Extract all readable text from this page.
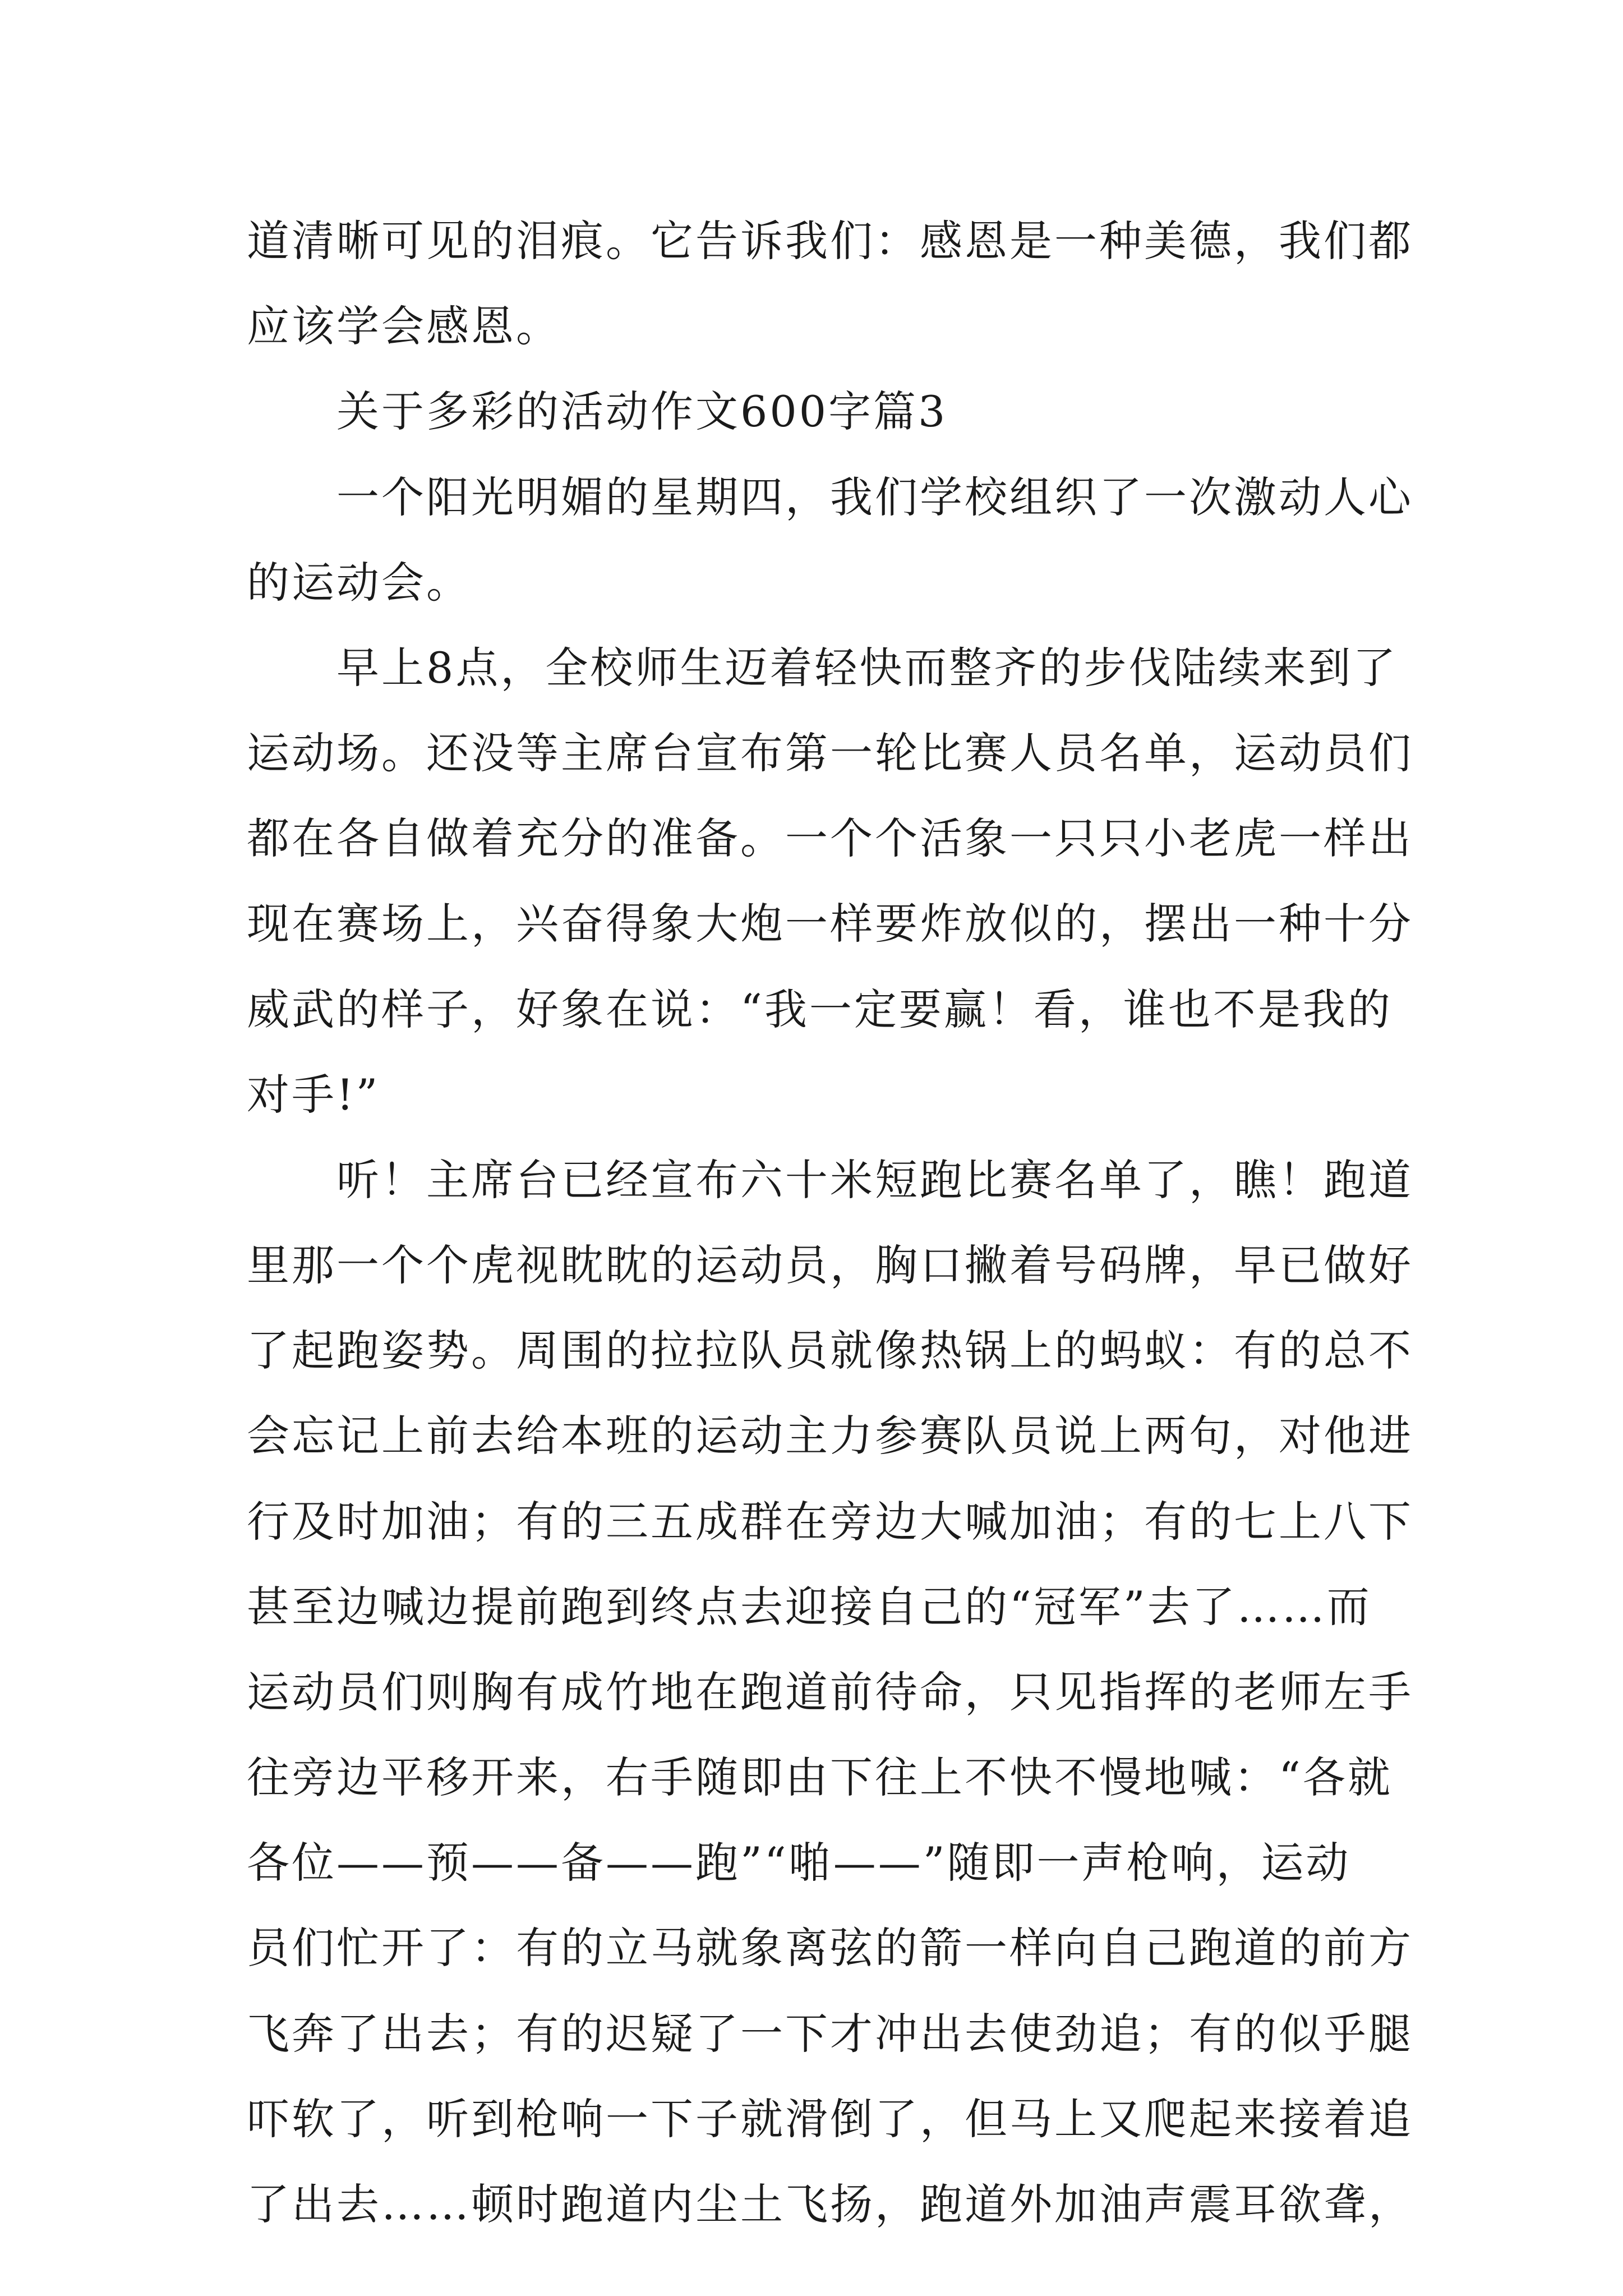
道清晰可见的泪痕。它告诉我们：感恩是一种美德，我们都
应该学会感恩。
关于多彩的活动作文600字篇3
一个阳光明媚的星期四，我们学校组织了一次激动人心
的运动会。
早上8点，全校师生迈着轻快而整齐的步伐陆续来到了
运动场。还没等主席台宣布第一轮比赛人员名单，运动员们
都在各自做着充分的准备。一个个活象一只只小老虎一样出
现在赛场上，兴奋得象大炮一样要炸放似的，摆出一种十分
威武的样子，好象在说：“我一定要赢！看，谁也不是我的
对手!”
听！主席台已经宣布六十米短跑比赛名单了，瞧！跑道
里那一个个虎视眈眈的运动员，胸口撇着号码牌，早已做好
了起跑姿势。周围的拉拉队员就像热锅上的蚂蚁：有的总不
会忘记上前去给本班的运动主力参赛队员说上两句，对他进
行及时加油；有的三五成群在旁边大喊加油；有的七上八下
甚至边喊边提前跑到终点去迎接自己的“冠军”去了……而
运动员们则胸有成竹地在跑道前待命，只见指挥的老师左手
往旁边平移开来，右手随即由下往上不快不慢地喊：“各就
各位——预——备——跑”“啪——”随即一声枪响，运动
员们忙开了：有的立马就象离弦的箭一样向自己跑道的前方
飞奔了出去；有的迟疑了一下才冲出去使劲追；有的似乎腿
吓软了，听到枪响一下子就滑倒了，但马上又爬起来接着追
了出去……顿时跑道内尘土飞扬，跑道外加油声震耳欲聋，
